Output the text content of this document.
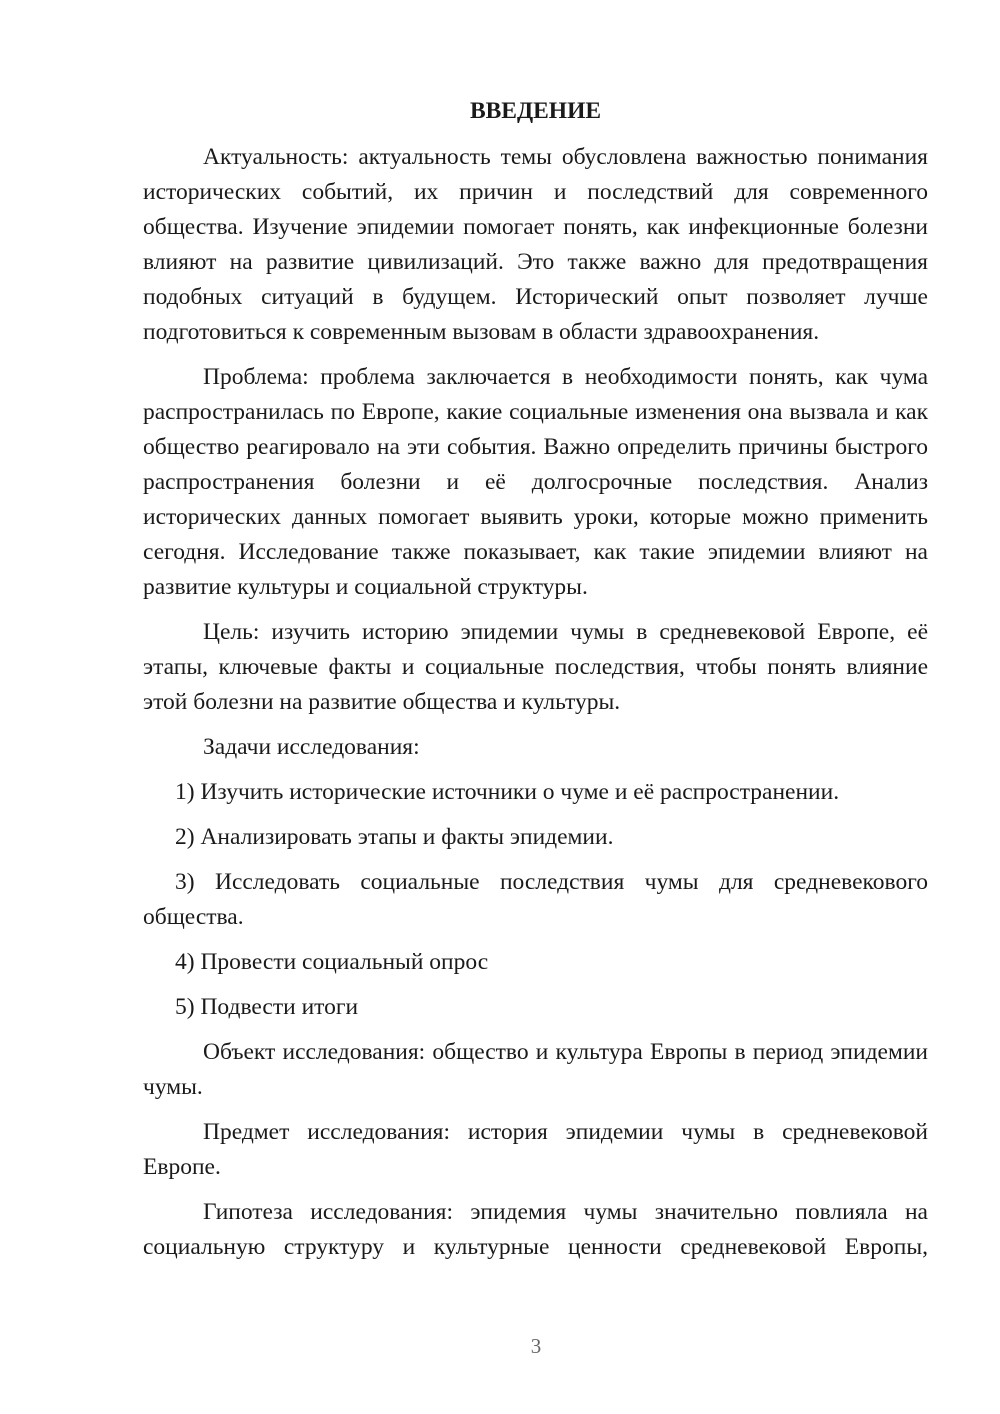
ВВЕДЕНИЕ

Актуальность: актуальность темы обусловлена важностью понимания исторических событий, их причин и последствий для современного общества. Изучение эпидемии помогает понять, как инфекционные болезни влияют на развитие цивилизаций. Это также важно для предотвращения подобных ситуаций в будущем. Исторический опыт позволяет лучше подготовиться к современным вызовам в области здравоохранения.

Проблема: проблема заключается в необходимости понять, как чума распространилась по Европе, какие социальные изменения она вызвала и как общество реагировало на эти события. Важно определить причины быстрого распространения болезни и её долгосрочные последствия. Анализ исторических данных помогает выявить уроки, которые можно применить сегодня. Исследование также показывает, как такие эпидемии влияют на развитие культуры и социальной структуры.

Цель: изучить историю эпидемии чумы в средневековой Европе, её этапы, ключевые факты и социальные последствия, чтобы понять влияние этой болезни на развитие общества и культуры.

Задачи исследования:

1) Изучить исторические источники о чуме и её распространении.

2) Анализировать этапы и факты эпидемии.

3) Исследовать социальные последствия чумы для средневекового общества.

4) Провести социальный опрос

5) Подвести итоги

Объект исследования: общество и культура Европы в период эпидемии чумы.

Предмет исследования: история эпидемии чумы в средневековой Европе.

Гипотеза исследования: эпидемия чумы значительно повлияла на социальную структуру и культурные ценности средневековой Европы,

3
